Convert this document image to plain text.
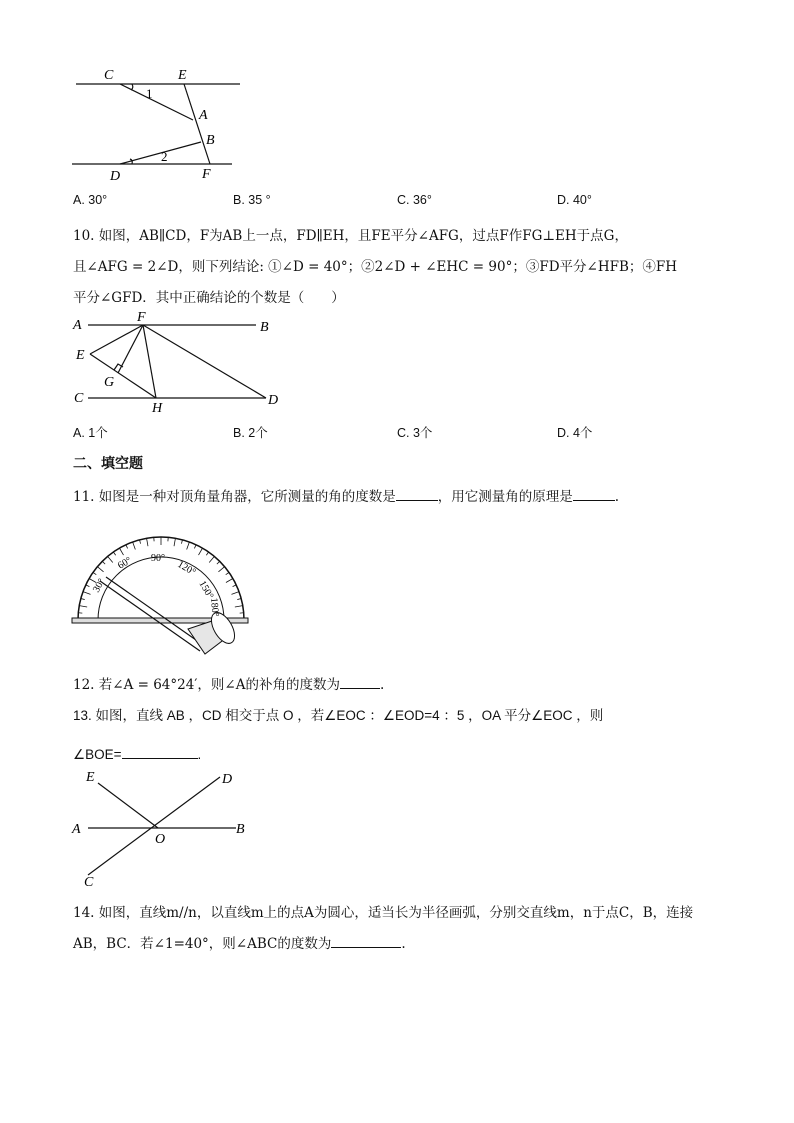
C	E
A
B
D	F
1
2
A. 30°	B. 35 °	C. 36°	D. 40°
10. 如图，AB∥CD，F为AB上一点，FD∥EH，且FE平分∠AFG，过点F作FG⊥EH于点G，
且∠AFG = 2∠D，则下列结论: ①∠D = 40°；②2∠D + ∠EHC = 90°；③FD平分∠HFB；④FH
平分∠GFD．其中正确结论的个数是（　　）
A
F
B
E
G
C
H
D
A. 1个	B. 2个	C. 3个	D. 4个
二、填空题
11. 如图是一种对顶角量角器，它所测量的角的度数是	，用它测量角的原理是	.
30°
60° 90°
120°
150°
180°
12. 若∠A = 64°24′，则∠A的补角的度数为	.
13. 如图，直线 AB ，CD 相交于点 O ，若∠EOC ：∠EOD=4 ：5 ，OA 平分∠EOC ，则
∠BOE=	.
E	D
A
O
B
C
14. 如图，直线m//n，以直线m上的点A为圆心，适当长为半径画弧，分别交直线m，n于点C，B，连接
AB，BC．若∠1=40°，则∠ABC的度数为	.
